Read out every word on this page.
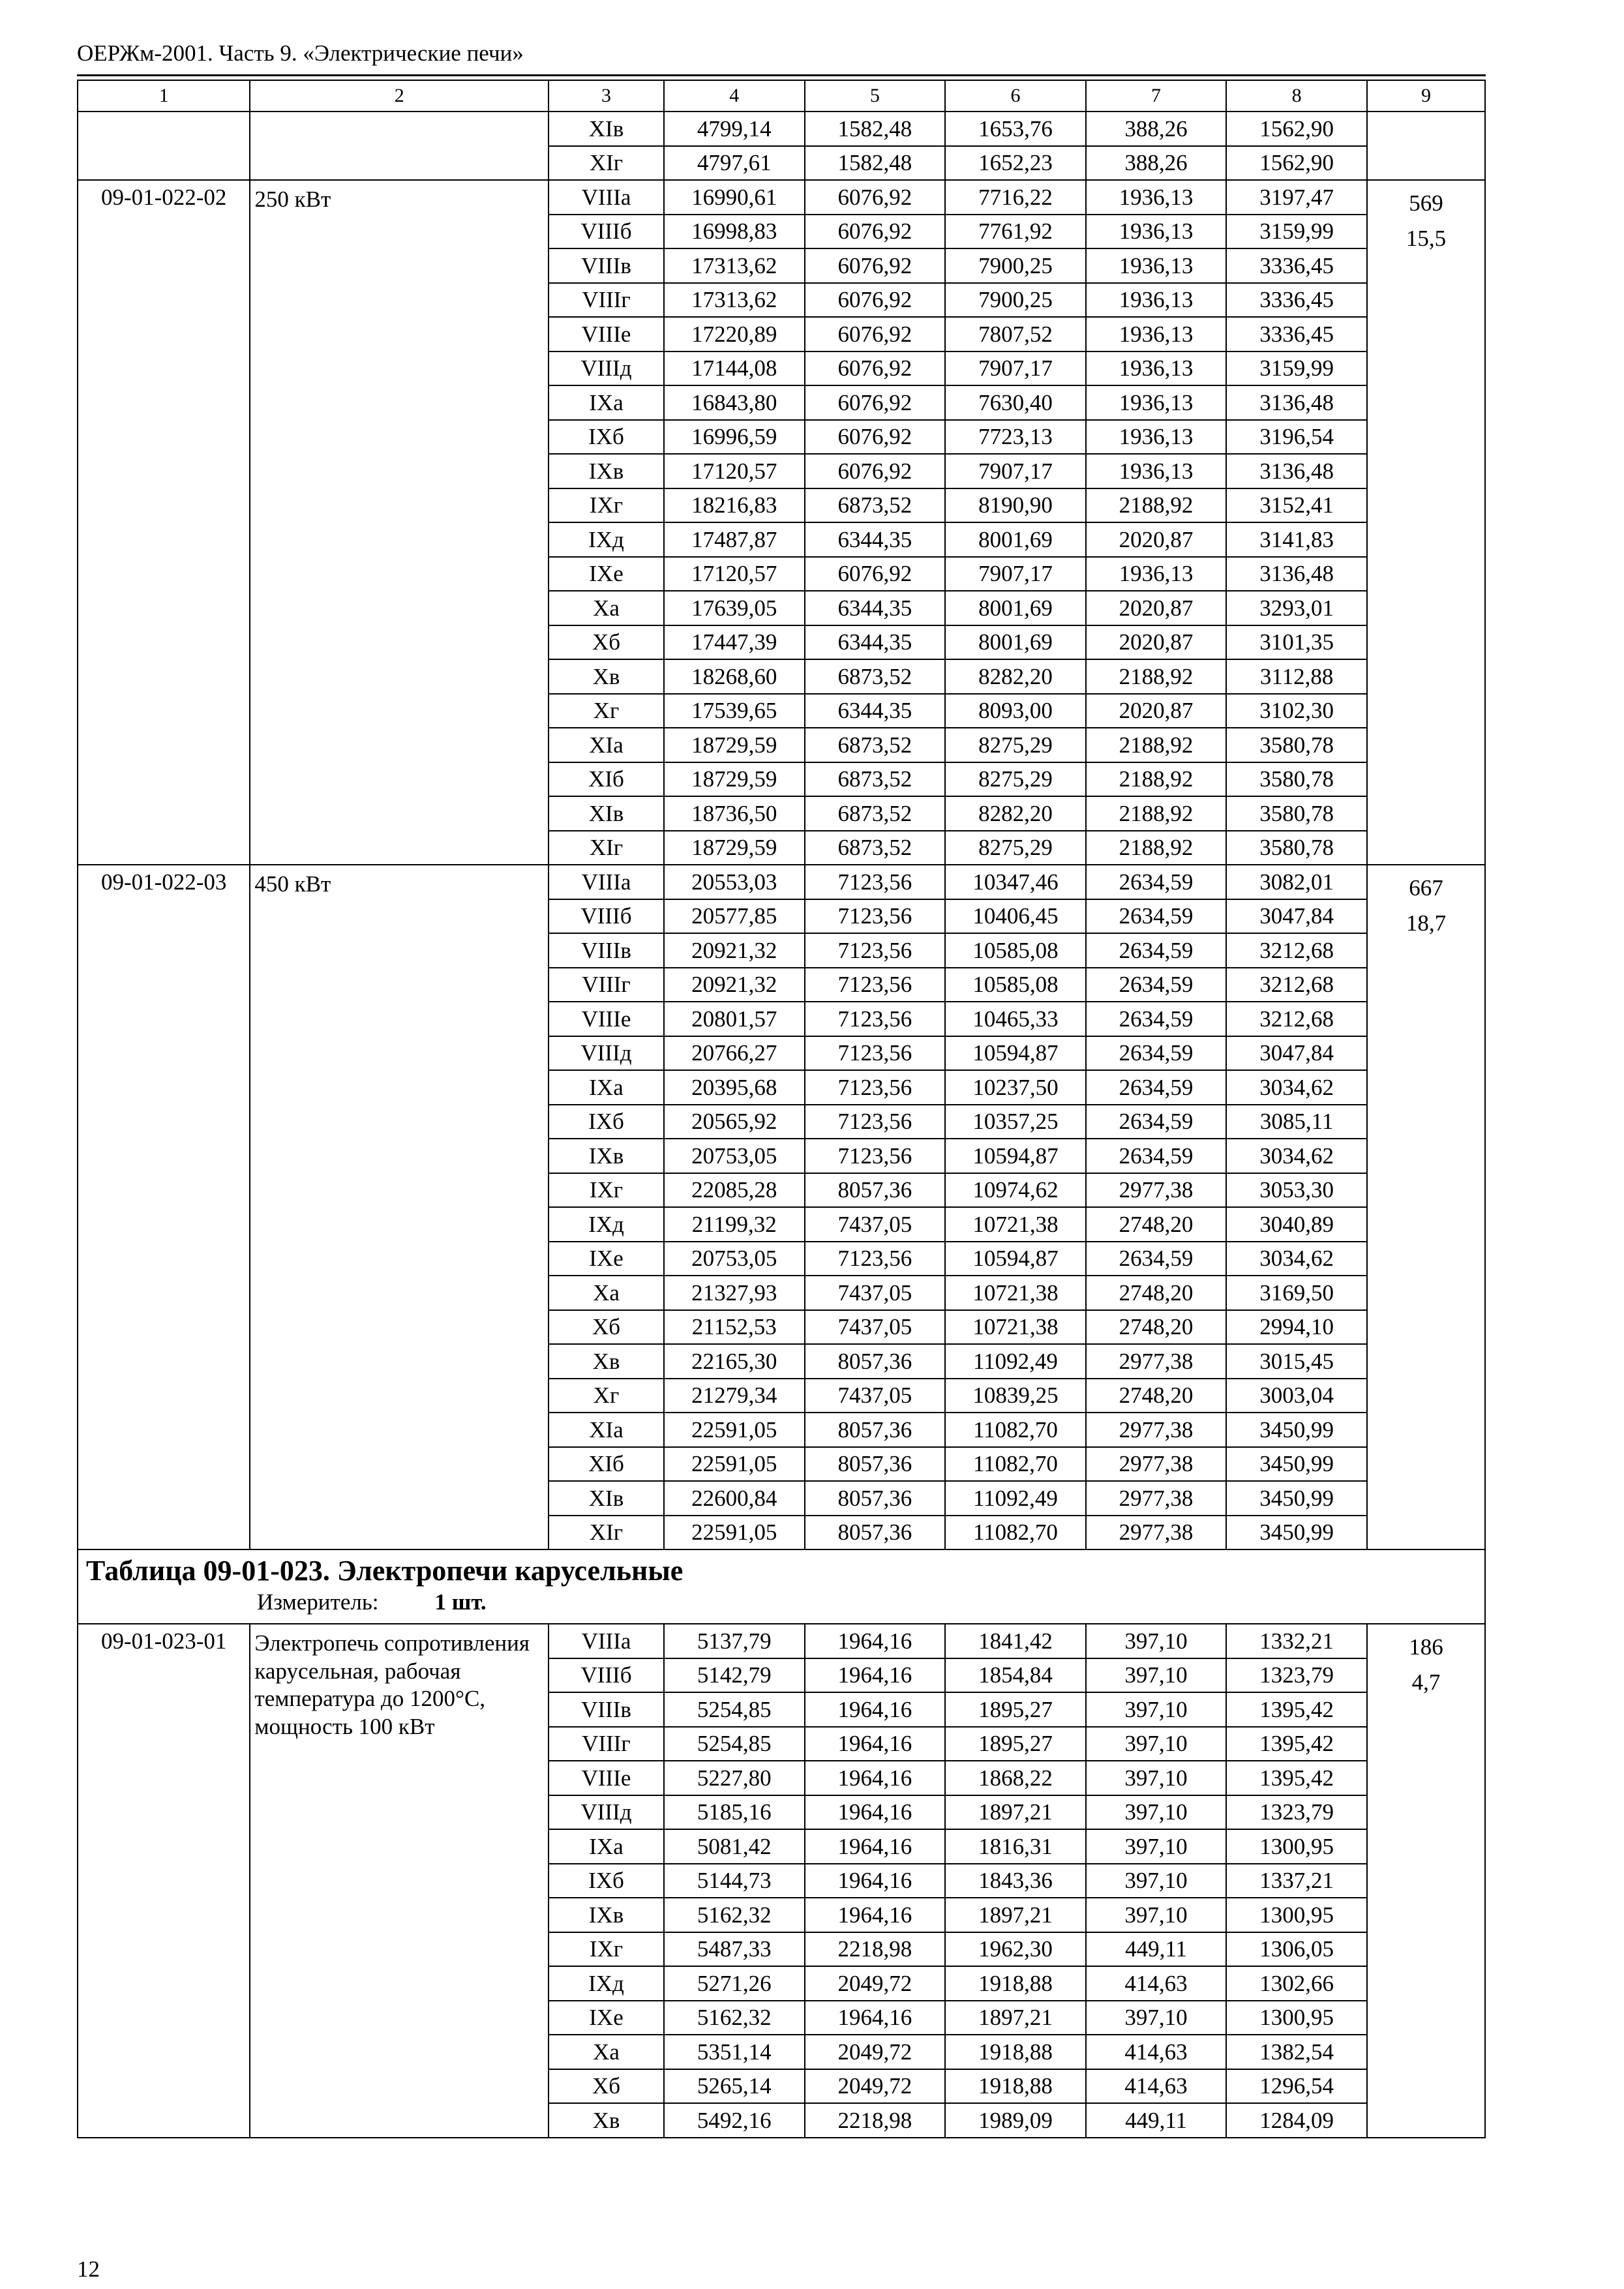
ОЕРЖм-2001. Часть 9. «Электрические печи»
1	2	3	4	5	6	7	8	9
		XIв	4799,14	1582,48	1653,76	388,26	1562,90	
		XIг	4797,61	1582,48	1652,23	388,26	1562,90	
09-01-022-02	250 кВт	VIIIа	16990,61	6076,92	7716,22	1936,13	3197,47	569
15,5

		VIIIб	16998,83	6076,92	7761,92	1936,13	3159,99	
		VIIIв	17313,62	6076,92	7900,25	1936,13	3336,45	
		VIIIг	17313,62	6076,92	7900,25	1936,13	3336,45	
		VIIIе	17220,89	6076,92	7807,52	1936,13	3336,45	
		VIIIд	17144,08	6076,92	7907,17	1936,13	3159,99	
		IXа	16843,80	6076,92	7630,40	1936,13	3136,48	
		IXб	16996,59	6076,92	7723,13	1936,13	3196,54	
		IXв	17120,57	6076,92	7907,17	1936,13	3136,48	
		IXг	18216,83	6873,52	8190,90	2188,92	3152,41	
		IXд	17487,87	6344,35	8001,69	2020,87	3141,83	
		IXе	17120,57	6076,92	7907,17	1936,13	3136,48	
		Xа	17639,05	6344,35	8001,69	2020,87	3293,01	
		Xб	17447,39	6344,35	8001,69	2020,87	3101,35	
		Xв	18268,60	6873,52	8282,20	2188,92	3112,88	
		Xг	17539,65	6344,35	8093,00	2020,87	3102,30	
		XIа	18729,59	6873,52	8275,29	2188,92	3580,78	
		XIб	18729,59	6873,52	8275,29	2188,92	3580,78	
		XIв	18736,50	6873,52	8282,20	2188,92	3580,78	
		XIг	18729,59	6873,52	8275,29	2188,92	3580,78	
09-01-022-03	450 кВт	VIIIа	20553,03	7123,56	10347,46	2634,59	3082,01	667
18,7

		VIIIб	20577,85	7123,56	10406,45	2634,59	3047,84	
		VIIIв	20921,32	7123,56	10585,08	2634,59	3212,68	
		VIIIг	20921,32	7123,56	10585,08	2634,59	3212,68	
		VIIIе	20801,57	7123,56	10465,33	2634,59	3212,68	
		VIIIд	20766,27	7123,56	10594,87	2634,59	3047,84	
		IXа	20395,68	7123,56	10237,50	2634,59	3034,62	
		IXб	20565,92	7123,56	10357,25	2634,59	3085,11	
		IXв	20753,05	7123,56	10594,87	2634,59	3034,62	
		IXг	22085,28	8057,36	10974,62	2977,38	3053,30	
		IXд	21199,32	7437,05	10721,38	2748,20	3040,89	
		IXе	20753,05	7123,56	10594,87	2634,59	3034,62	
		Xа	21327,93	7437,05	10721,38	2748,20	3169,50	
		Xб	21152,53	7437,05	10721,38	2748,20	2994,10	
		Xв	22165,30	8057,36	11092,49	2977,38	3015,45	
		Xг	21279,34	7437,05	10839,25	2748,20	3003,04	
		XIа	22591,05	8057,36	11082,70	2977,38	3450,99	
		XIб	22591,05	8057,36	11082,70	2977,38	3450,99	
		XIв	22600,84	8057,36	11092,49	2977,38	3450,99	
		XIг	22591,05	8057,36	11082,70	2977,38	3450,99	

Таблица 09-01-023. Электропечи карусельные
Измеритель: 1 шт.								

09-01-023-01	Электропечь сопротивления карусельная, рабочая температура до 1200°С, мощность 100 кВт	VIIIа	5137,79	1964,16	1841,42	397,10	1332,21	186
4,7

		VIIIб	5142,79	1964,16	1854,84	397,10	1323,79	
		VIIIв	5254,85	1964,16	1895,27	397,10	1395,42	
		VIIIг	5254,85	1964,16	1895,27	397,10	1395,42	
		VIIIе	5227,80	1964,16	1868,22	397,10	1395,42	
		VIIIд	5185,16	1964,16	1897,21	397,10	1323,79	
		IXа	5081,42	1964,16	1816,31	397,10	1300,95	
		IXб	5144,73	1964,16	1843,36	397,10	1337,21	
		IXв	5162,32	1964,16	1897,21	397,10	1300,95	
		IXг	5487,33	2218,98	1962,30	449,11	1306,05	
		IXд	5271,26	2049,72	1918,88	414,63	1302,66	
		IXе	5162,32	1964,16	1897,21	397,10	1300,95	
		Xа	5351,14	2049,72	1918,88	414,63	1382,54	
		Xб	5265,14	2049,72	1918,88	414,63	1296,54	
		Xв	5492,16	2218,98	1989,09	449,11	1284,09	
12
